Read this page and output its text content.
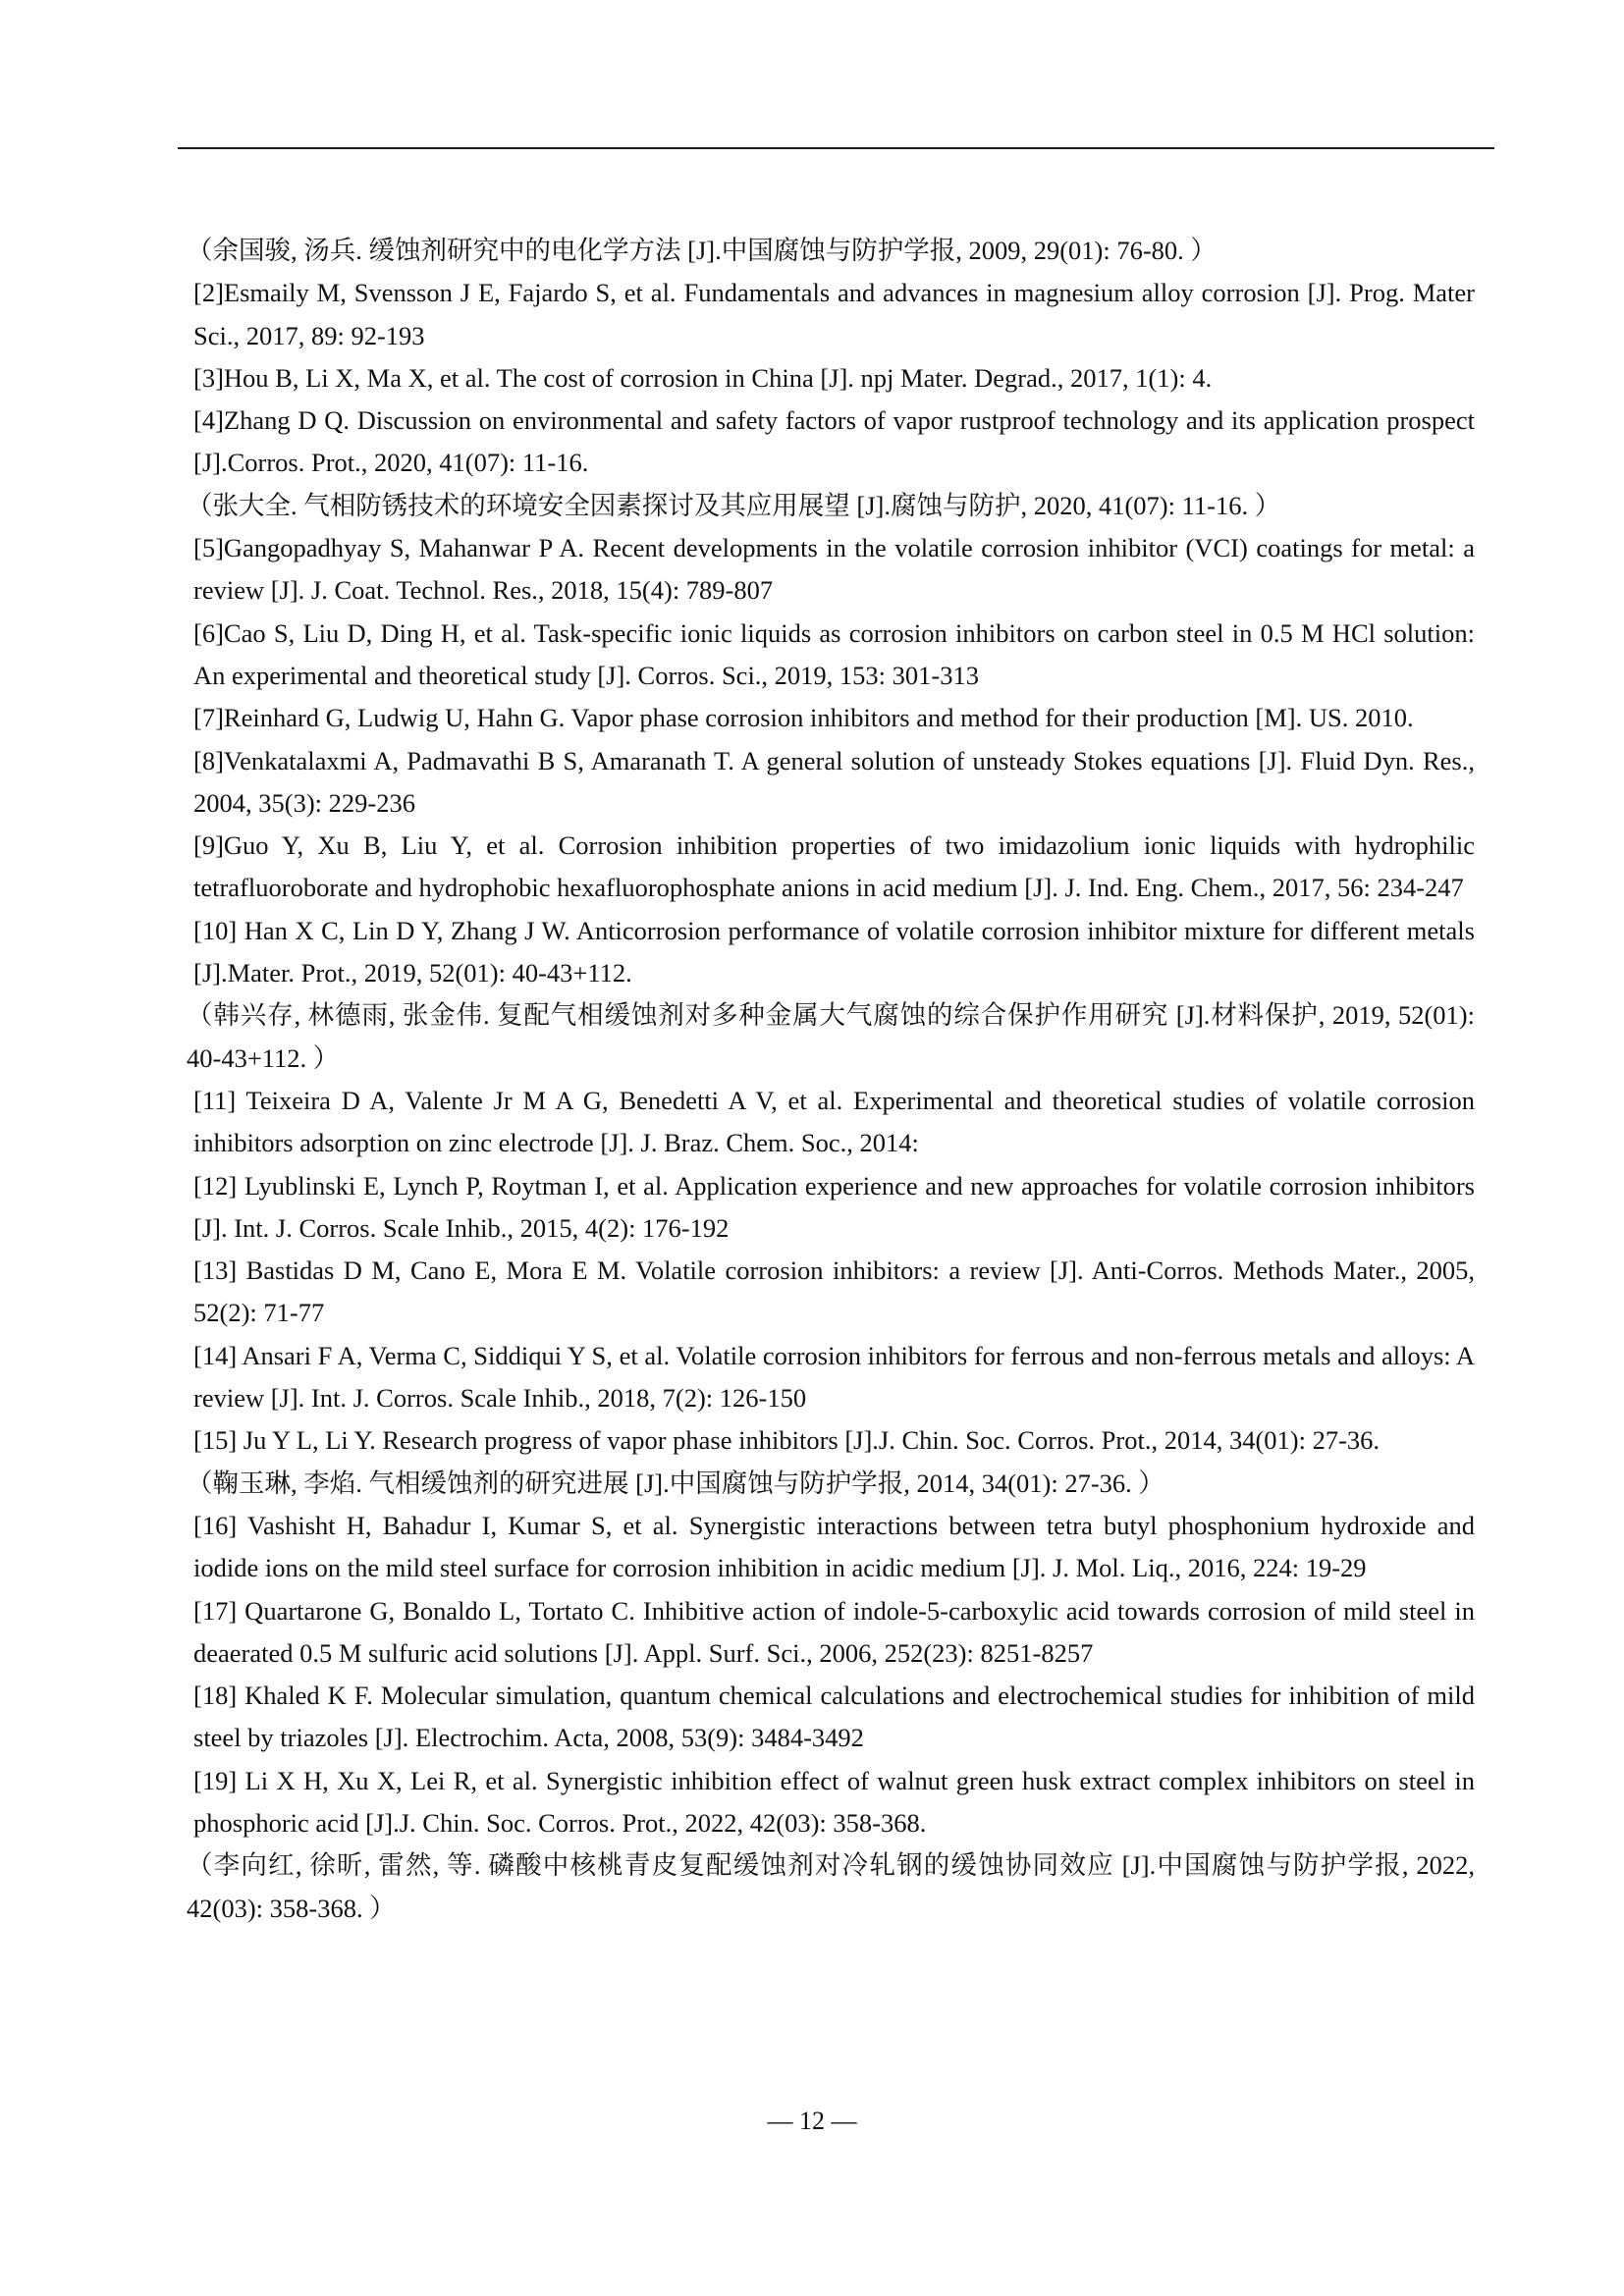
（余国骏, 汤兵. 缓蚀剂研究中的电化学方法 [J].中国腐蚀与防护学报, 2009, 29(01): 76-80. ）
[2]Esmaily M, Svensson J E, Fajardo S, et al. Fundamentals and advances in magnesium alloy corrosion [J]. Prog. Mater Sci., 2017, 89: 92-193
[3]Hou B, Li X, Ma X, et al. The cost of corrosion in China [J]. npj Mater. Degrad., 2017, 1(1): 4.
[4]Zhang D Q. Discussion on environmental and safety factors of vapor rustproof technology and its application prospect [J].Corros. Prot., 2020, 41(07): 11-16.
（张大全. 气相防锈技术的环境安全因素探讨及其应用展望 [J].腐蚀与防护, 2020, 41(07): 11-16. ）
[5]Gangopadhyay S, Mahanwar P A. Recent developments in the volatile corrosion inhibitor (VCI) coatings for metal: a review [J]. J. Coat. Technol. Res., 2018, 15(4): 789-807
[6]Cao S, Liu D, Ding H, et al. Task-specific ionic liquids as corrosion inhibitors on carbon steel in 0.5 M HCl solution: An experimental and theoretical study [J]. Corros. Sci., 2019, 153: 301-313
[7]Reinhard G, Ludwig U, Hahn G. Vapor phase corrosion inhibitors and method for their production [M]. US. 2010.
[8]Venkatalaxmi A, Padmavathi B S, Amaranath T. A general solution of unsteady Stokes equations [J]. Fluid Dyn. Res., 2004, 35(3): 229-236
[9]Guo Y, Xu B, Liu Y, et al. Corrosion inhibition properties of two imidazolium ionic liquids with hydrophilic tetrafluoroborate and hydrophobic hexafluorophosphate anions in acid medium [J]. J. Ind. Eng. Chem., 2017, 56: 234-247
[10] Han X C, Lin D Y, Zhang J W. Anticorrosion performance of volatile corrosion inhibitor mixture for different metals [J].Mater. Prot., 2019, 52(01): 40-43+112.
（韩兴存, 林德雨, 张金伟. 复配气相缓蚀剂对多种金属大气腐蚀的综合保护作用研究 [J].材料保护, 2019, 52(01): 40-43+112. ）
[11] Teixeira D A, Valente Jr M A G, Benedetti A V, et al. Experimental and theoretical studies of volatile corrosion inhibitors adsorption on zinc electrode [J]. J. Braz. Chem. Soc., 2014:
[12] Lyublinski E, Lynch P, Roytman I, et al. Application experience and new approaches for volatile corrosion inhibitors [J]. Int. J. Corros. Scale Inhib., 2015, 4(2): 176-192
[13] Bastidas D M, Cano E, Mora E M. Volatile corrosion inhibitors: a review [J]. Anti-Corros. Methods Mater., 2005, 52(2): 71-77
[14] Ansari F A, Verma C, Siddiqui Y S, et al. Volatile corrosion inhibitors for ferrous and non-ferrous metals and alloys: A review [J]. Int. J. Corros. Scale Inhib., 2018, 7(2): 126-150
[15] Ju Y L, Li Y. Research progress of vapor phase inhibitors [J].J. Chin. Soc. Corros. Prot., 2014, 34(01): 27-36.
（鞠玉琳, 李焰. 气相缓蚀剂的研究进展 [J].中国腐蚀与防护学报, 2014, 34(01): 27-36. ）
[16] Vashisht H, Bahadur I, Kumar S, et al. Synergistic interactions between tetra butyl phosphonium hydroxide and iodide ions on the mild steel surface for corrosion inhibition in acidic medium [J]. J. Mol. Liq., 2016, 224: 19-29
[17] Quartarone G, Bonaldo L, Tortato C. Inhibitive action of indole-5-carboxylic acid towards corrosion of mild steel in deaerated 0.5 M sulfuric acid solutions [J]. Appl. Surf. Sci., 2006, 252(23): 8251-8257
[18] Khaled K F. Molecular simulation, quantum chemical calculations and electrochemical studies for inhibition of mild steel by triazoles [J]. Electrochim. Acta, 2008, 53(9): 3484-3492
[19] Li X H, Xu X, Lei R, et al. Synergistic inhibition effect of walnut green husk extract complex inhibitors on steel in phosphoric acid [J].J. Chin. Soc. Corros. Prot., 2022, 42(03): 358-368.
（李向红, 徐昕, 雷然, 等. 磷酸中核桃青皮复配缓蚀剂对冷轧钢的缓蚀协同效应 [J].中国腐蚀与防护学报, 2022, 42(03): 358-368. ）
— 12 —
